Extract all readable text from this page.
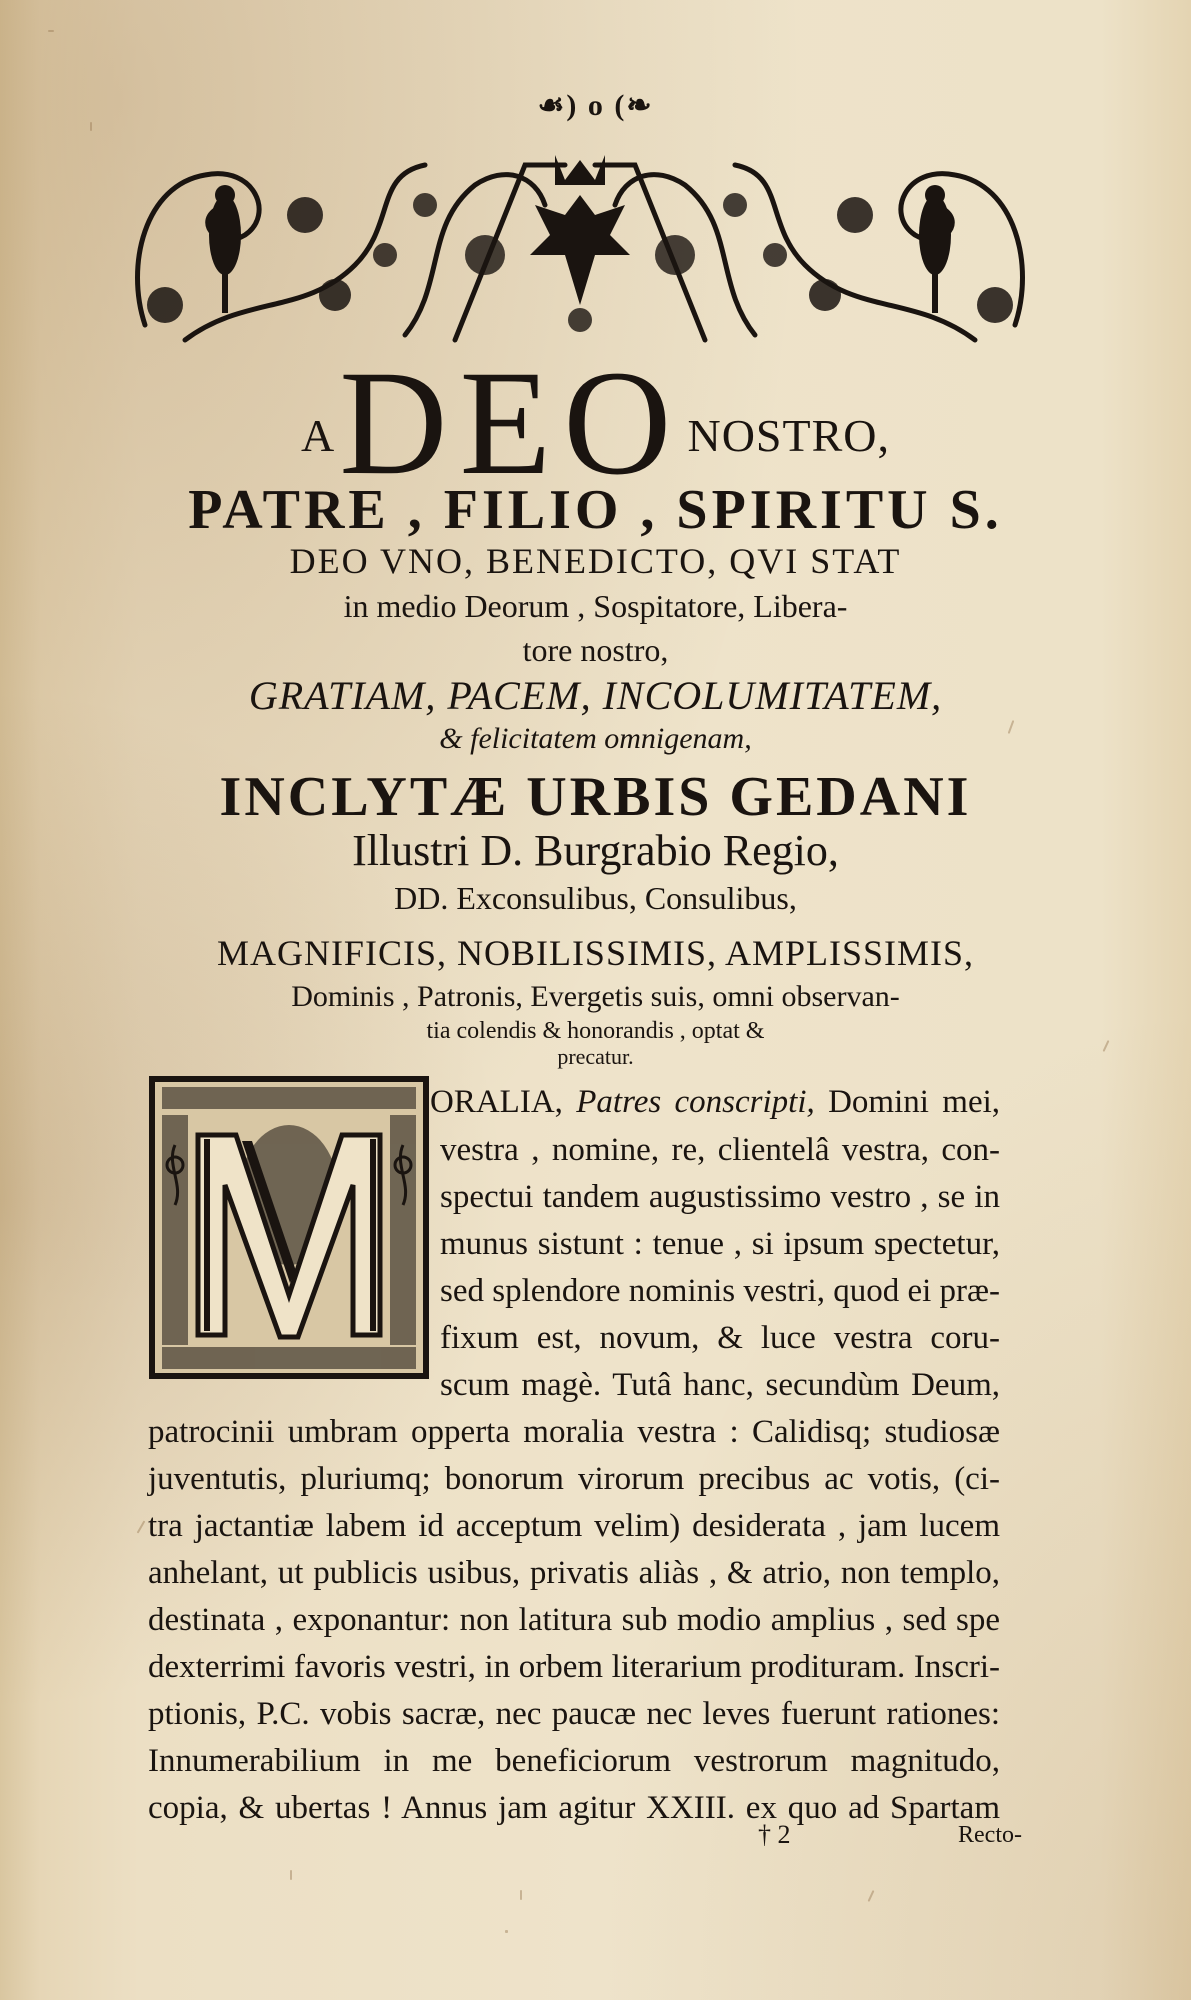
☙) o (❧
A DEO NOSTRO,
PATRE , FILIO , SPIRITU S.
DEO VNO, BENEDICTO, QVI STAT
in medio Deorum , Sospitatore, Libera-
tore nostro,
GRATIAM, PACEM, INCOLUMITATEM,
& felicitatem omnigenam,
INCLYTÆ URBIS GEDANI
Illustri D. Burgrabio Regio,
DD. Exconsulibus, Consulibus,
MAGNIFICIS, NOBILISSIMIS, AMPLISSIMIS,
Dominis , Patronis, Evergetis suis, omni observan-
tia colendis & honorandis , optat &
precatur.
ORALIA, Patres conscripti, Domini mei,
vestra , nomine, re, clientelâ vestra, con-
spectui tandem augustissimo vestro , se in
munus sistunt : tenue , si ipsum spectetur,
sed splendore nominis vestri, quod ei præ-
fixum est, novum, & luce vestra coru-
scum magè. Tutâ hanc, secundùm Deum,
patrocinii umbram opperta moralia vestra : Calidisq; studiosæ
juventutis, pluriumq; bonorum virorum precibus ac votis, (ci-
tra jactantiæ labem id acceptum velim) desiderata , jam lucem
anhelant, ut publicis usibus, privatis aliàs , & atrio, non templo,
destinata , exponantur: non latitura sub modio amplius , sed spe
dexterrimi favoris vestri, in orbem literarium prodituram. Inscri-
ptionis, P.C. vobis sacræ, nec paucæ nec leves fuerunt rationes:
Innumerabilium in me beneficiorum vestrorum magnitudo,
copia, & ubertas ! Annus jam agitur XXIII. ex quo ad Spartam
† 2	Recto-
